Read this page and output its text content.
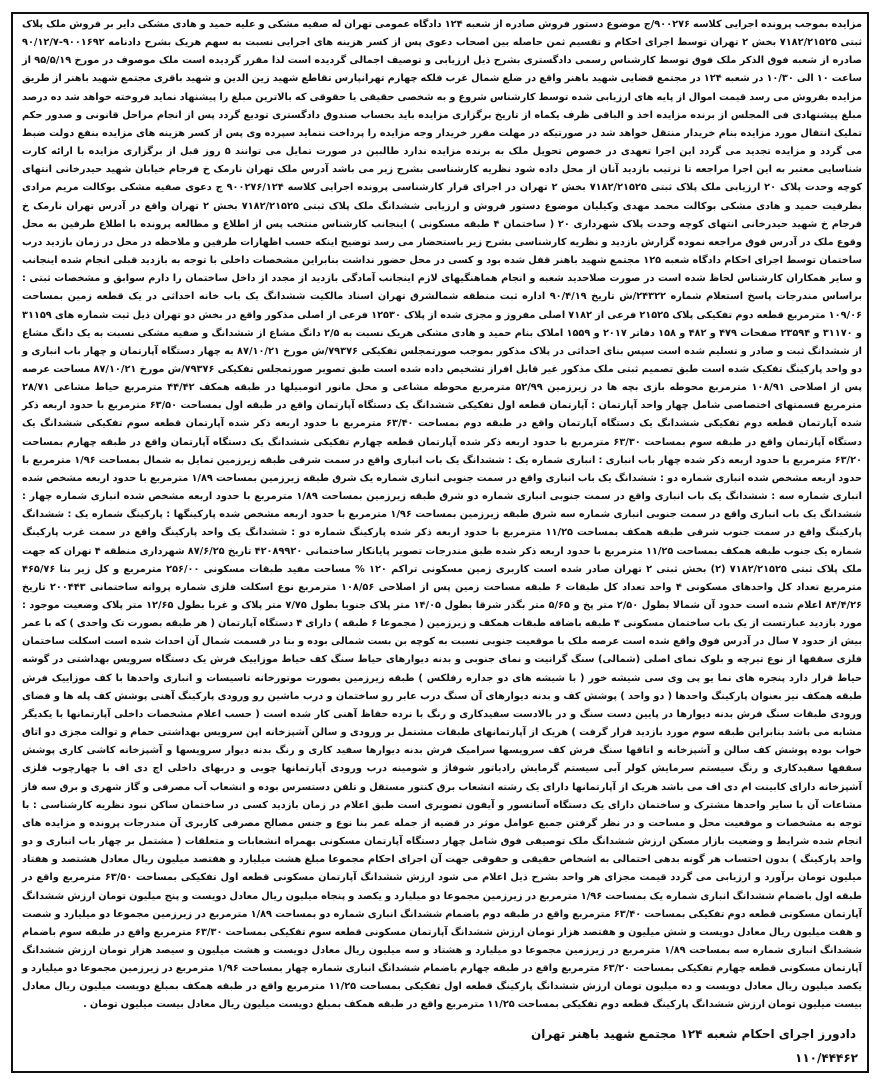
مزایده بموجب پرونده اجرایی کلاسه ۹۰۰۲۷۶/ج موضوع دستور فروش صادره از شعبه ۱۲۴ دادگاه عمومی تهران له صفیه مشکی و علیه حمید و هادی مشکی دایر بر فروش ملک پلاک ثبتی ۷۱۸۲/۲۱۵۲۵ بخش ۲ تهران توسط اجرای احکام و تقسیم ثمن حاصله بین اصحاب دعوی پس از کسر هزینه های اجرایی نسبت به سهم هریک بشرح دادنامه ۹۰۰۱۶۹۲-۹۰/۱۲/۷ صادره از شعبه فوق الذکر ملک فوق توسط کارشناس رسمی دادگستری بشرح ذیل ارزیابی و توصیف اجمالی گردیده است لذا مقرر گردیده است ملک موصوف در مورخ ۹۵/۵/۱۹ از ساعت ۱۰ الی ۱۰/۳۰ در شعبه ۱۲۴ در مجتمع قضایی شهید باهنر واقع در ضلع شمال غرب فلکه چهارم تهرانپارس تقاطع شهید زین الدین و شهید باقری مجتمع شهید باهنر از طریق مزایده بفروش می رسد قیمت اموال از پایه های ارزیابی شده توسط کارشناس شروع و به شخصی حقیقی یا حقوقی که بالاترین مبلغ را پیشنهاد نماید فروخته خواهد شد ده درصد مبلغ پیشنهادی فی المجلس از برنده مزایده اخذ و الباقی ظرف یکماه از تاریخ برگزاری مزایده باید بحساب صندوق دادگستری تودیع گردد پس از انجام مراحل قانونی و صدور حکم تملیک انتقال مورد مزایده بنام خریدار منتقل خواهد شد در صورتیکه در مهلت مقرر خریدار وجه مزایده را پرداخت ننماید سپرده وی پس از کسر هزینه های مزایده بنفع دولت ضبط می گردد و مزایده تجدید می گردد این اجرا تعهدی در خصوص تحویل ملک به برنده مزایده ندارد طالبین در صورت تمایل می توانند ۵ روز قبل از برگزاری مزایده با ارائه کارت شناسایی معتبر به این اجرا مراجعه تا ترتیب بازدید آنان از محل داده شود نظریه کارشناسی بشرح زیر می باشد آدرس ملک تهران نارمک خ فرجام خیابان شهید حیدرخانی انتهای کوچه وحدت پلاک ۲۰ ارزیابی ملک پلاک ثبتی ۷۱۸۲/۲۱۵۲۵ بخش ۲ تهران در اجرای قرار کارشناسی پرونده اجرایی کلاسه ۹۰۰۲۷۶/۱۲۴ ج دعوی صفیه مشکی بوکالت مریم مرادی بطرفیت حمید و هادی مشکی بوکالت محمد مهدی وکیلیان موضوع دستور فروش و ارزیابی ششدانگ ملک پلاک ثبتی ۷۱۸۲/۲۱۵۲۵ بخش ۲ تهران واقع در آدرس تهران نارمک خ فرجام خ شهید حیدرخانی انتهای کوچه وحدت پلاک شهرداری ۲۰ ( ساختمان ۴ طبقه مسکونی ) اینجانب کارشناس منتخب پس از اطلاع و مطالعه پرونده با اطلاع طرفین به محل وقوع ملک در آدرس فوق مراجعه نموده گزارش بازدید و نظریه کارشناسی بشرح زیر باستحضار می رسد توضیح اینکه حسب اظهارات طرفین و ملاحظه در محل در زمان بازدید درب ساختمان توسط اجرای احکام دادگاه شعبه ۱۲۵ مجتمع شهید باهنر قفل شده بود و کسی در محل حضور نداشت بنابراین مشخصات داخلی با توجه به بازدید قبلی انجام شده اینجانب و سایر همکاران کارشناس لحاظ شده است در صورت صلاحدید شعبه و انجام هماهنگیهای لازم اینجانب آمادگی بازدید از مجدد از داخل ساختمان را دارم سوابق و مشخصات ثبتی : براساس مندرجات پاسخ استعلام شماره ۲۴۳۲۲/ش تاریخ ۹۰/۴/۱۹ اداره ثبت منطقه شمالشرق تهران اسناد مالکیت ششدانگ یک باب خانه احداثی در یک قطعه زمین بمساحت ۱۰۹/۰۶ مترمربع قطعه دوم تفکیکی پلاک ۲۱۵۲۵ فرعی از ۷۱۸۲ اصلی مفروز و مجزی شده از پلاک ۱۲۵۳۰ فرعی از اصلی مذکور واقع در بخش دو تهران ذیل ثبت شماره های ۳۱۱۵۹ و ۳۱۱۷۰ و ۲۳۵۹۴ صفحات ۴۷۹ و ۴۸۲ و ۱۵۸ دفاتر ۲۰۱۷ و ۱۵۵۹ املاک بنام حمید و هادی مشکی هریک نسبت به ۲/۵ دانگ مشاع از ششدانگ و صفیه مشکی نسبت به یک دانگ مشاع از ششدانگ ثبت و صادر و تسلیم شده است سپس بنای احداثی در پلاک مذکور بموجب صورتمجلس تفکیکی ۷۹۳۷۶/ش مورخ ۸۷/۱۰/۲۱ به چهار دستگاه آپارتمان و چهار باب انباری و دو واحد پارکینگ تفکیک شده است طبق تصمیم ثبتی ملک مذکور غیر قابل افراز تشخیص داده شده است طبق تصویر صورتمجلس تفکیکی ۷۹۳۷۶/ش مورخ ۸۷/۱۰/۲۱ مساحت عرصه پس از اصلاحی ۱۰۸/۹۱ مترمربع محوطه بازی بچه ها در زیرزمین ۵۲/۹۹ مترمربع محوطه مشاعی و محل مانور اتومبیلها در طبقه همکف ۴۴/۴۲ مترمربع حیاط مشاعی ۲۸/۷۱ مترمربع قسمتهای اختصاصی شامل چهار واحد آپارتمان : آپارتمان قطعه اول تفکیکی ششدانگ یک دستگاه آپارتمان واقع در طبقه اول بمساحت ۶۳/۵۰ مترمربع با حدود اربعه ذکر شده آپارتمان قطعه دوم تفکیکی ششدانگ یک دستگاه آپارتمان واقع در طبقه دوم بمساحت ۶۳/۴۰ مترمربع با حدود اربعه ذکر شده آپارتمان قطعه سوم تفکیکی ششدانگ یک دستگاه آپارتمان واقع در طبقه سوم بمساحت ۶۳/۳۰ مترمربع با حدود اربعه ذکر شده آپارتمان قطعه چهارم تفکیکی ششدانگ یک دستگاه آپارتمان واقع در طبقه چهارم بمساحت ۶۳/۲۰ مترمربع با حدود اربعه ذکر شده چهار باب انباری : انباری شماره یک : ششدانگ یک باب انباری واقع در سمت شرقی طبقه زیرزمین تمایل به شمال بمساحت ۱/۹۶ مترمربع با حدود اربعه مشخص شده انباری شماره دو : ششدانگ یک باب انباری واقع در سمت جنوبی انباری شماره یک شرق طبقه زیرزمین بمساحت ۱/۸۹ مترمربع با حدود اربعه مشخص شده انباری شماره سه : ششدانگ یک باب انباری واقع در سمت جنوبی انباری شماره دو شرق طبقه زیرزمین بمساحت ۱/۸۹ مترمربع با حدود اربعه مشخص شده انباری شماره چهار : ششدانگ یک باب انباری واقع در سمت جنوبی انباری شماره سه شرق طبقه زیرزمین بمساحت ۱/۹۶ مترمربع با حدود اربعه مشخص شده پارکینگها : پارکینگ شماره یک : ششدانگ پارکینگ واقع در سمت جنوب شرقی طبقه همکف بمساحت ۱۱/۲۵ مترمربع با حدود اربعه ذکر شده پارکینگ شماره دو : ششدانگ یک واحد پارکینگ واقع در سمت غرب پارکینگ شماره یک جنوب طبقه همکف بمساحت ۱۱/۲۵ مترمربع با حدود اربعه ذکر شده طبق مندرجات تصویر پایانکار ساختمانی ۴۲۰۸۹۹۲۰ تاریخ ۸۷/۶/۲۵ شهرداری منطقه ۴ تهران که جهت ملک پلاک ثبتی ۷۱۸۲/۲۱۵۲۵ (۲) بخش ثبتی ۲ تهران صادر شده است کاربری زمین مسکونی تراکم ۱۲۰ % مساحت مفید طبقات مسکونی ۲۵۶/۰۰ مترمربع و کل زیر بنا ۴۶۵/۷۶ مترمربع تعداد کل واحدهای مسکونی ۴ واحد تعداد کل طبقات ۶ طبقه مساحت زمین پس از اصلاحی ۱۰۸/۵۶ مترمربع نوع اسکلت فلزی شماره پروانه ساختمانی ۲۰۰۴۴۳ تاریخ ۸۴/۴/۲۶ اعلام شده است حدود آن شمالا بطول ۲/۵۰ متر پخ و ۵/۶۵ متر بگذر شرقا بطول ۱۴/۰۵ متر پلاک جنوبا بطول ۷/۷۵ متر پلاک و غربا بطول ۱۲/۶۵ متر پلاک وضعیت موجود : مورد بازدید عبارتست از یک باب ساختمان مسکونی ۴ طبقه باضافه طبقات همکف و زیرزمین ( مجموعا ۶ طبقه ) دارای ۴ دستگاه آپارتمان ( هر طبقه بصورت تک واحدی ) که با عمر بیش از حدود ۷ سال در آدرس فوق واقع شده است عرصه ملک با موقعیت جنوبی نسبت به کوچه بن بست شمالی بوده و بنا در قسمت شمال آن احداث شده است اسکلت ساختمان فلزی سقفها از نوع تیرچه و بلوک نمای اصلی (شمالی) سنگ گرانیت و نمای جنوبی و بدنه دیوارهای حیاط سنگ کف حیاط موزاییک فرش یک دستگاه سرویس بهداشتی در گوشه حیاط قرار دارد پنجره های نما یو پی وی سی شیشه خور ( با شیشه های دو جداره رفلکس ) طبقه زیرزمین بصورت موتورخانه تاسیسات و انباری واحدها با کف موزاییک فرش طبقه همکف نیز بعنوان پارکینگ واحدها ( دو واحد ) پوشش کف و بدنه دیوارهای آن سنگ درب عابر رو ساختمان و درب ماشین رو ورودی پارکینگ آهنی پوشش کف پله ها و فضای ورودی طبقات سنگ فرش بدنه دیوارها در پایین دست سنگ و در بالادست سفیدکاری و رنگ با نرده حفاظ آهنی کار شده است ( حسب اعلام مشخصات داخلی آپارتمانها با یکدیگر مشابه می باشد بنابراین طبقه سوم مورد بازدید قرار گرفت ) هریک از آپارتمانهای طبقات مشتمل بر ورودی و سالن آشپزخانه اپن سرویس بهداشتی حمام و توالت مجزی دو اتاق خواب بوده پوشش کف سالن و آشپزخانه و اتاقها سنگ فرش کف سرویسها سرامیک فرش بدنه دیوارها سفید کاری و رنگ بدنه دیوار سرویسها و آشپزخانه کاشی کاری پوشش سقفها سفیدکاری و رنگ سیستم سرمایش کولر آبی سیستم گرمایش رادیاتور شوفاژ و شومینه درب ورودی آپارتمانها چوبی و دربهای داخلی اچ دی اف با چهارچوب فلزی آشپزخانه دارای کابینت ام دی اف می باشد هریک از آپارتمانها دارای یک رشته انشعاب برق کنتور مستقل و تلفن دستسرس بوده و انشعاب آب مصرفی و گاز شهری و برق سه فاز مشاعات آن با سایر واحدها مشترک و ساختمان دارای یک دستگاه آسانسور و آیفون تصویری است طبق اعلام در زمان بازدید کسی در ساختمان ساکن نبود نظریه کارشناسی : با توجه به مشخصات و موقعیت محل و مساحت و در نظر گرفتن جمیع عوامل موثر در قضیه از جمله عمر بنا نوع و جنس مصالح مصرفی کاربری آن مندرجات پرونده و مزایده های انجام شده شرایط و وضعیت بازار مسکن ارزش ششدانگ ملک توصیفی فوق شامل چهار دستگاه آپارتمان مسکونی بهمراه انشعابات و متعلقات ( مشتمل بر چهار باب انباری و دو واحد پارکینگ ) بدون احتساب هر گونه بدهی احتمالی به اشخاص حقیقی و حقوقی جهت آن اجرای احکام مجموعا مبلغ هشت میلیارد و هفتصد میلیون ریال معادل هشتصد و هفتاد میلیون تومان برآورد و ارزیابی می گردد قیمت مجزای هر واحد بشرح ذیل اعلام می شود ارزش ششدانگ آپارتمان مسکونی قطعه اول تفکیکی بمساحت ۶۳/۵۰ مترمربع واقع در طبقه اول باضمام ششدانگ انباری شماره یک بمساحت ۱/۹۶ مترمربع در زیرزمین مجموعا دو میلیارد و یکصد و پنجاه میلیون ریال معادل دویست و پنج میلیون تومان ارزش ششدانگ آپارتمان مسکونی قطعه دوم تفکیکی بمساحت ۶۳/۴۰ مترمربع واقع در طبقه دوم باضمام ششدانگ انباری شماره دو بمساحت ۱/۸۹ مترمربع در زیرزمین مجموعا دو میلیارد و شصت و هفت میلیون ریال معادل دویست و شش میلیون و هفتصد هزار تومان ارزش ششدانگ آپارتمان مسکونی قطعه سوم تفکیکی بمساحت ۶۳/۳۰ مترمربع واقع در طبقه سوم باضمام ششدانگ انباری شماره سه بمساحت ۱/۸۹ مترمربع در زیرزمین مجموعا دو میلیارد و هشتاد و سه میلیون ریال معادل دویست و هشت میلیون و سیصد هزار تومان ارزش ششدانگ آپارتمان مسکونی قطعه چهارم تفکیکی بمساحت ۶۳/۲۰ مترمربع واقع در طبقه چهارم باضمام ششدانگ انباری شماره چهار بمساحت ۱/۹۶ مترمربع در زیرزمین مجموعا دو میلیارد و یکصد میلیون ریال معادل دویست و ده میلیون تومان ارزش ششدانگ پارکینگ قطعه اول تفکیکی بمساحت ۱۱/۲۵ مترمربع واقع در طبقه همکف بمبلغ دویست میلیون ریال معادل بیست میلیون تومان ارزش ششدانگ پارکینگ قطعه دوم تفکیکی بمساحت ۱۱/۲۵ مترمربع واقع در طبقه همکف بمبلغ دویست میلیون ریال معادل بیست میلیون تومان .
دادورز اجرای احکام شعبه ۱۲۴ مجتمع شهید باهنر تهران
۱۱۰/۴۴۴۶۲
